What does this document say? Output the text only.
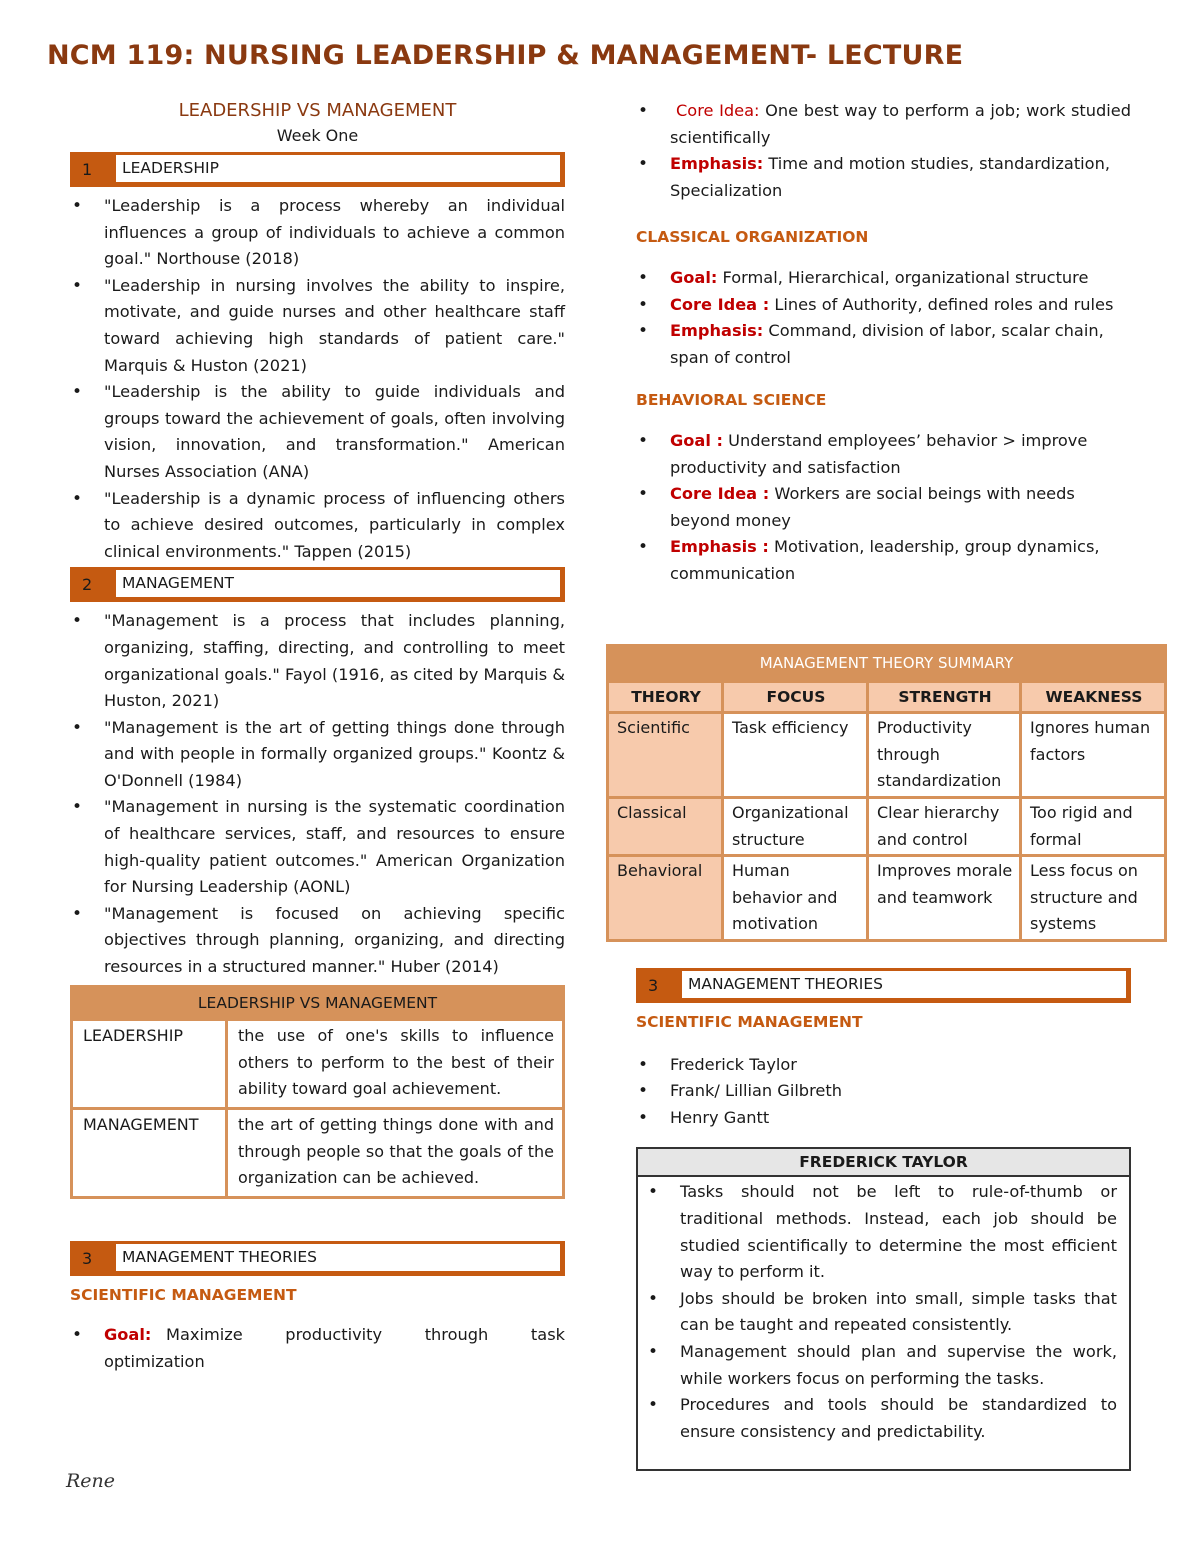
NCM 119: NURSING LEADERSHIP & MANAGEMENT- LECTURE
LEADERSHIP VS MANAGEMENT
Week One
1	LEADERSHIP
• "Leadership is a process whereby an individual influences a group of individuals to achieve a common goal." Northouse (2018)
• "Leadership in nursing involves the ability to inspire, motivate, and guide nurses and other healthcare staff toward achieving high standards of patient care." Marquis & Huston (2021)
• "Leadership is the ability to guide individuals and groups toward the achievement of goals, often involving vision, innovation, and transformation." American Nurses Association (ANA)
• "Leadership is a dynamic process of influencing others to achieve desired outcomes, particularly in complex clinical environments." Tappen (2015)
2	MANAGEMENT
• "Management is a process that includes planning, organizing, staffing, directing, and controlling to meet organizational goals." Fayol (1916, as cited by Marquis & Huston, 2021)
• "Management is the art of getting things done through and with people in formally organized groups." Koontz & O'Donnell (1984)
• "Management in nursing is the systematic coordination of healthcare services, staff, and resources to ensure high-quality patient outcomes." American Organization for Nursing Leadership (AONL)
• "Management is focused on achieving specific objectives through planning, organizing, and directing resources in a structured manner." Huber (2014)
LEADERSHIP VS MANAGEMENT	
LEADERSHIP	the use of one's skills to influence others to perform to the best of their ability toward goal achievement.
MANAGEMENT	the art of getting things done with and through people so that the goals of the organization can be achieved.
3	MANAGEMENT THEORIES
SCIENTIFIC MANAGEMENT
• Goal: Maximize productivity through task optimization
• Core Idea: One best way to perform a job; work studied scientifically
• Emphasis: Time and motion studies, standardization, Specialization
CLASSICAL ORGANIZATION
• Goal: Formal, Hierarchical, organizational structure
• Core Idea : Lines of Authority, defined roles and rules
• Emphasis: Command, division of labor, scalar chain, span of control
BEHAVIORAL SCIENCE
• Goal : Understand employees’ behavior > improve productivity and satisfaction
• Core Idea : Workers are social beings with needs beyond money
• Emphasis : Motivation, leadership, group dynamics, communication
MANAGEMENT THEORY SUMMARY			
THEORY	FOCUS	STRENGTH	WEAKNESS
Scientific	Task efficiency	Productivity through standardization	Ignores human factors
Classical	Organizational structure	Clear hierarchy and control	Too rigid and formal
Behavioral	Human behavior and motivation	Improves morale and teamwork	Less focus on structure and systems
3	MANAGEMENT THEORIES
SCIENTIFIC MANAGEMENT
• Frederick Taylor
• Frank/ Lillian Gilbreth
• Henry Gantt
FREDERICK TAYLOR
• Tasks should not be left to rule-of-thumb or traditional methods. Instead, each job should be studied scientifically to determine the most efficient way to perform it.
• Jobs should be broken into small, simple tasks that can be taught and repeated consistently.
• Management should plan and supervise the work, while workers focus on performing the tasks.
• Procedures and tools should be standardized to ensure consistency and predictability.
Rene
